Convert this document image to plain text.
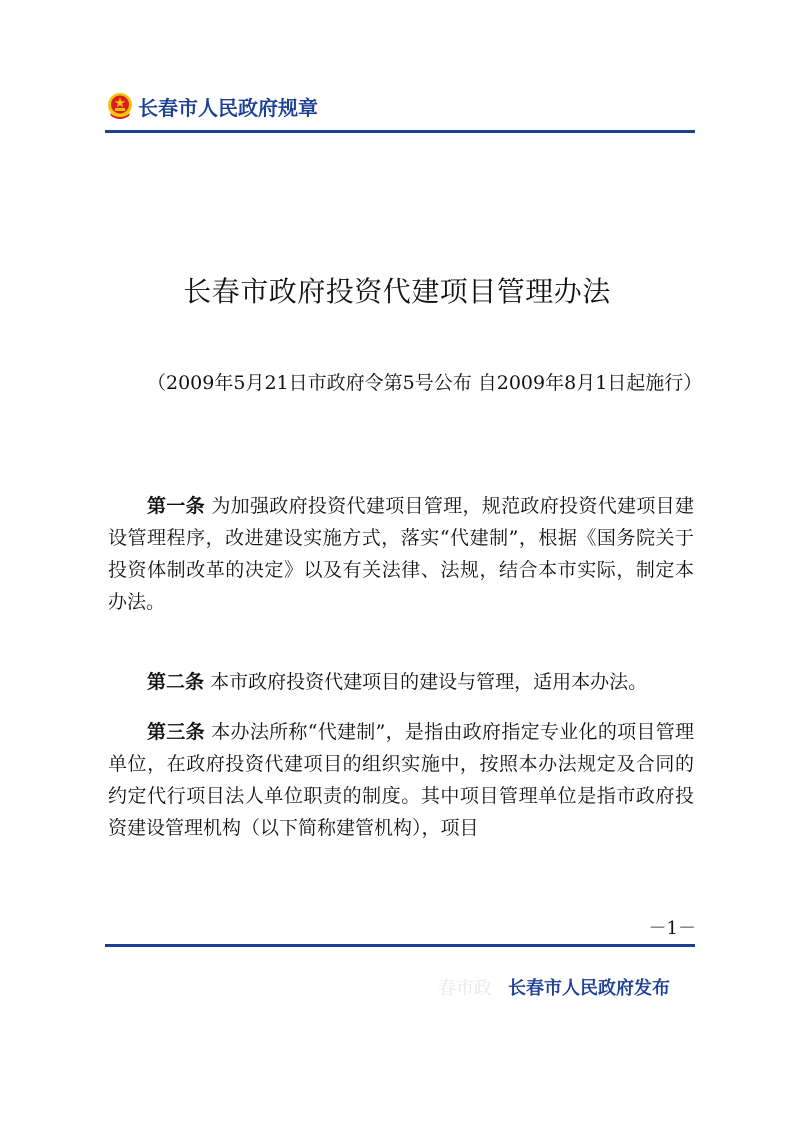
长春市人民政府规章
长春市政府投资代建项目管理办法

（2009年5月21日市政府令第5号公布 自2009年8月1日起施行）

第一条 为加强政府投资代建项目管理，规范政府投资代建项目建设管理程序，改进建设实施方式，落实“代建制”，根据《国务院关于投资体制改革的决定》以及有关法律、法规，结合本市实际，制定本办法。

第二条 本市政府投资代建项目的建设与管理，适用本办法。

第三条 本办法所称“代建制”，是指由政府指定专业化的项目管理单位，在政府投资代建项目的组织实施中，按照本办法规定及合同的约定代行项目法人单位职责的制度。其中项目管理单位是指市政府投资建设管理机构（以下简称建管机构），项目

－1－
春市政 长春市人民政府发布
